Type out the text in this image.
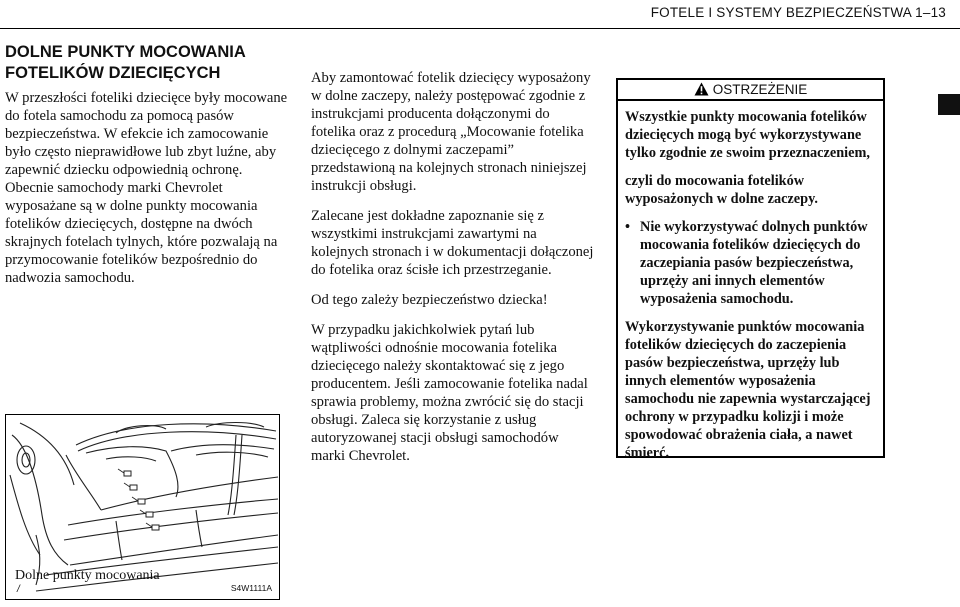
FOTELE I SYSTEMY BEZPIECZEŃSTWA 1–13
DOLNE PUNKTY MOCOWANIA
FOTELIKÓW DZIECIĘCYCH

W przeszłości foteliki dziecięce były mocowane do fotela samochodu za pomocą pasów bezpieczeństwa. W efekcie ich zamocowanie było często nieprawidłowe lub zbyt luźne, aby zapewnić dziecku odpowiednią ochronę.

Obecnie samochody marki Chevrolet wyposażane są w dolne punkty mocowania fotelików dziecięcych, dostępne na dwóch skrajnych fotelach tylnych, które pozwalają na przymocowanie fotelików bezpośrednio do nadwozia samochodu.

Dolne punkty mocowania
/	S4W1111A

Aby zamontować fotelik dziecięcy wyposażony w dolne zaczepy, należy postępować zgodnie z instrukcjami producenta dołączonymi do fotelika oraz z procedurą „Mocowanie fotelika dziecięcego z dolnymi zaczepami” przedstawioną na kolejnych stronach niniejszej instrukcji obsługi.

Zalecane jest dokładne zapoznanie się z wszystkimi instrukcjami zawartymi na kolejnych stronach i w dokumentacji dołączonej do fotelika oraz ścisłe ich przestrzeganie.

Od tego zależy bezpieczeństwo dziecka!

W przypadku jakichkolwiek pytań lub wątpliwości odnośnie mocowania fotelika dziecięcego należy skontaktować się z jego producentem. Jeśli zamocowanie fotelika nadal sprawia problemy, można zwrócić się do stacji obsługi. Zaleca się korzystanie z usług autoryzowanej stacji obsługi samochodów marki Chevrolet.

OSTRZEŻENIE

Wszystkie punkty mocowania fotelików dziecięcych mogą być wykorzystywane tylko zgodnie ze swoim przeznaczeniem,

czyli do mocowania fotelików wyposażonych w dolne zaczepy.

• Nie wykorzystywać dolnych punktów mocowania fotelików dziecięcych do zaczepiania pasów bezpieczeństwa, uprzęży ani innych elementów wyposażenia samochodu.

Wykorzystywanie punktów mocowania fotelików dziecięcych do zaczepienia pasów bezpieczeństwa, uprzęży lub innych elementów wyposażenia samochodu nie zapewnia wystarczającej ochrony w przypadku kolizji i może spowodować obrażenia ciała, a nawet śmierć.
